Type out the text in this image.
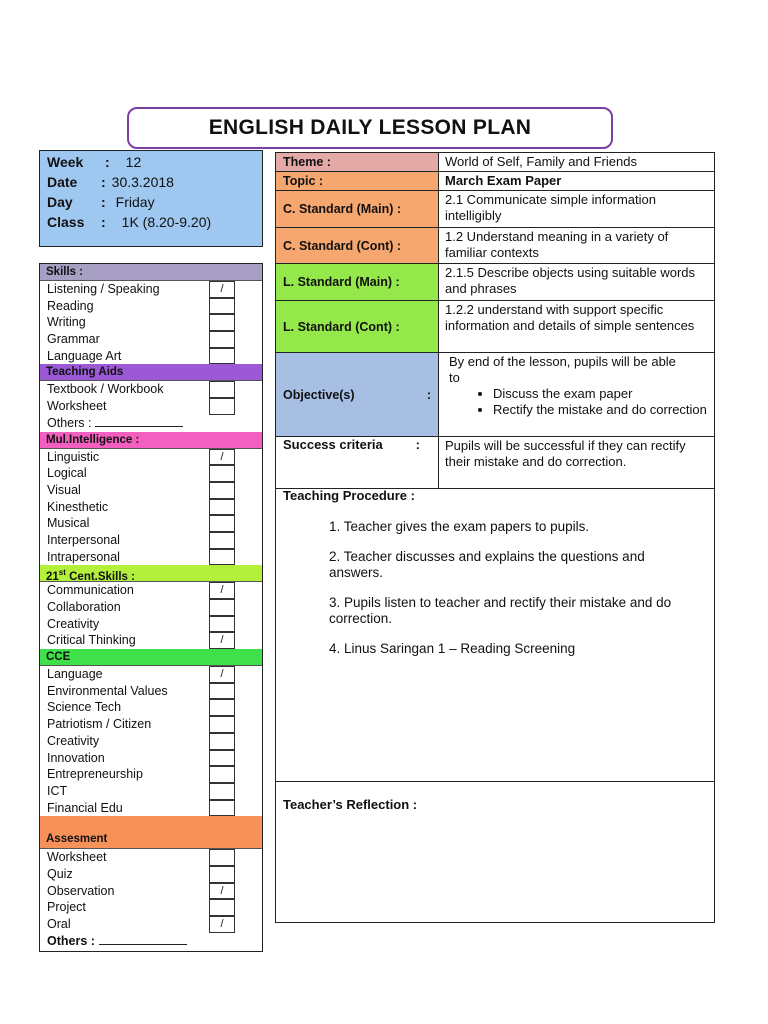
ENGLISH DAILY LESSON PLAN
Week	: 12
Date	: 30.3.2018
Day	: Friday
Class	: 1K (8.20-9.20)
Skills :
Listening / Speaking	/
Reading
Writing
Grammar
Language Art
Teaching Aids
Textbook / Workbook
Worksheet
Others :
Mul.Intelligence :
Linguistic	/
Logical
Visual
Kinesthetic
Musical
Interpersonal
Intrapersonal
21st Cent.Skills :
Communication	/
Collaboration
Creativity
Critical Thinking	/
CCE
Language	/
Environmental Values
Science Tech
Patriotism / Citizen
Creativity
Innovation
Entrepreneurship
ICT
Financial Edu
Assesment
Worksheet
Quiz
Observation	/
Project
Oral	/
Others :
Theme :	World of Self, Family and Friends
Topic :	March Exam Paper
C. Standard (Main) :
2.1 Communicate simple information intelligibly
C. Standard (Cont) :
1.2 Understand meaning in a variety of familiar contexts
L. Standard (Main) :
2.1.5 Describe objects using suitable words and phrases
L. Standard (Cont) :
1.2.2 understand with support specific information and details of simple sentences
Objective(s)	:
By end of the lesson, pupils will be able to
• Discuss the exam paper
• Rectify the mistake and do correction
Success criteria	:	Pupils will be successful if they can rectify their mistake and do correction.
Teaching Procedure :
1. Teacher gives the exam papers to pupils.
2. Teacher discusses and explains the questions and answers.
3. Pupils listen to teacher and rectify their mistake and do correction.
4. Linus Saringan 1 – Reading Screening
Teacher’s Reflection :
